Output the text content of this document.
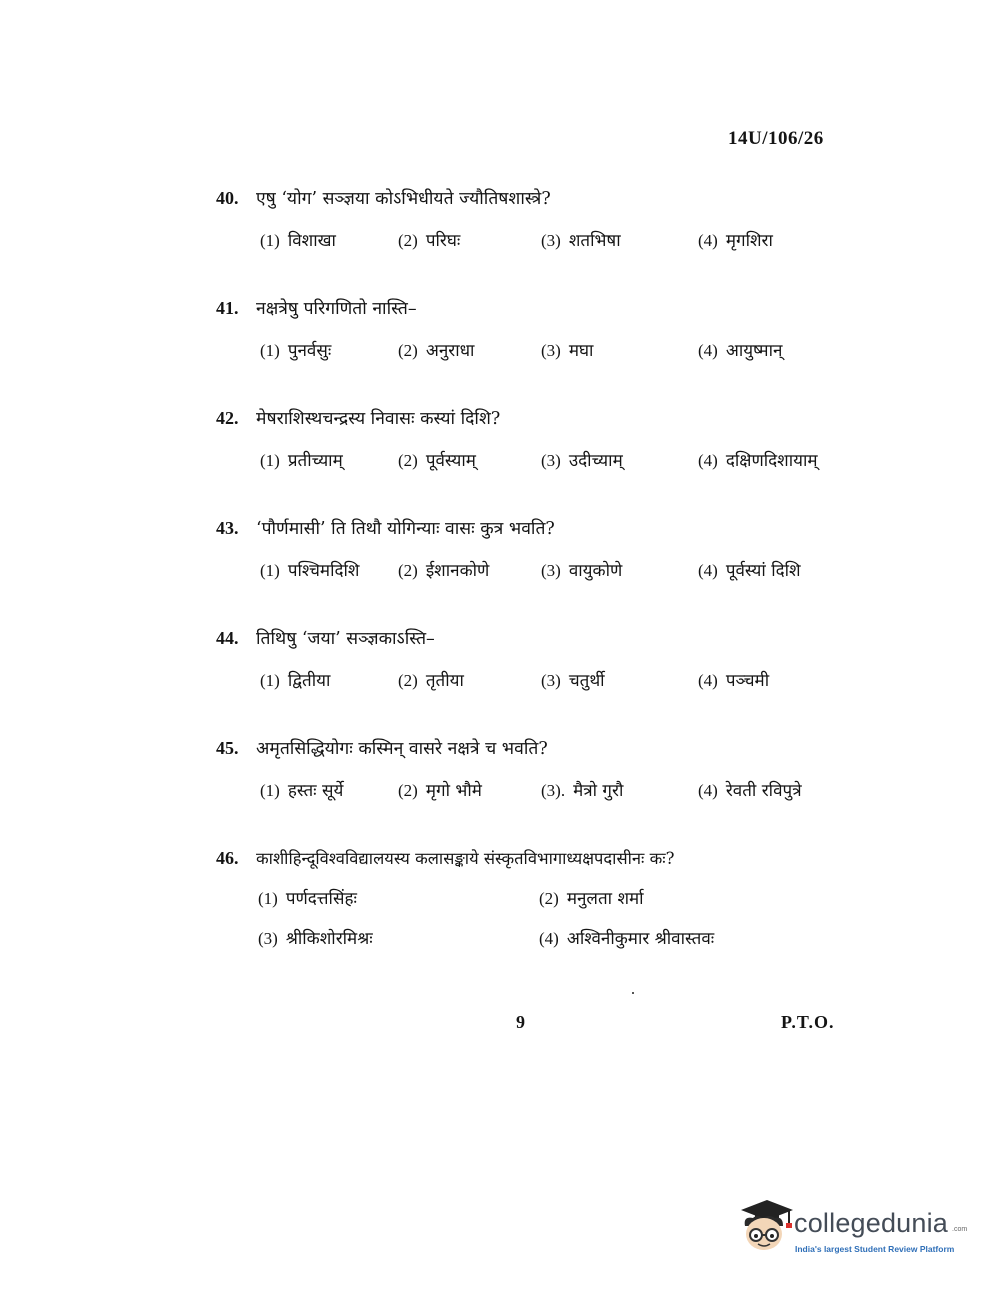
14U/106/26
40. एषु ‘योग’ सञ्ज्ञया कोऽभिधीयते ज्यौतिषशास्त्रे?
(1) विशाखा	(2) परिघः	(3) शतभिषा	(4) मृगशिरा
41. नक्षत्रेषु परिगणितो नास्ति–
(1) पुनर्वसुः	(2) अनुराधा	(3) मघा	(4) आयुष्मान्
42. मेषराशिस्थचन्द्रस्य निवासः कस्यां दिशि?
(1) प्रतीच्याम्	(2) पूर्वस्याम्	(3) उदीच्याम्	(4) दक्षिणदिशायाम्
43. ‘पौर्णमासी’ ति तिथौ योगिन्याः वासः कुत्र भवति?
(1) पश्चिमदिशि (2) ईशानकोणे	(3) वायुकोणे	(4) पूर्वस्यां दिशि
44. तिथिषु ‘जया’ सञ्ज्ञकाऽस्ति–
(1) द्वितीया	(2) तृतीया	(3) चतुर्थी	(4) पञ्चमी
45. अमृतसिद्धियोगः कस्मिन् वासरे नक्षत्रे च भवति?
(1) हस्तः सूर्ये	(2) मृगो भौमे	(3). मैत्रो गुरौ	(4) रेवती रविपुत्रे
46. काशीहिन्दूविश्वविद्यालयस्य कलासङ्काये संस्कृतविभागाध्यक्षपदासीनः कः?
(1) पर्णदत्तसिंहः	(2) मनुलता शर्मा
(3) श्रीकिशोरमिश्रः	(4) अश्विनीकुमार श्रीवास्तवः
9	P.T.O.
collegedunia .com
India's largest Student Review Platform
